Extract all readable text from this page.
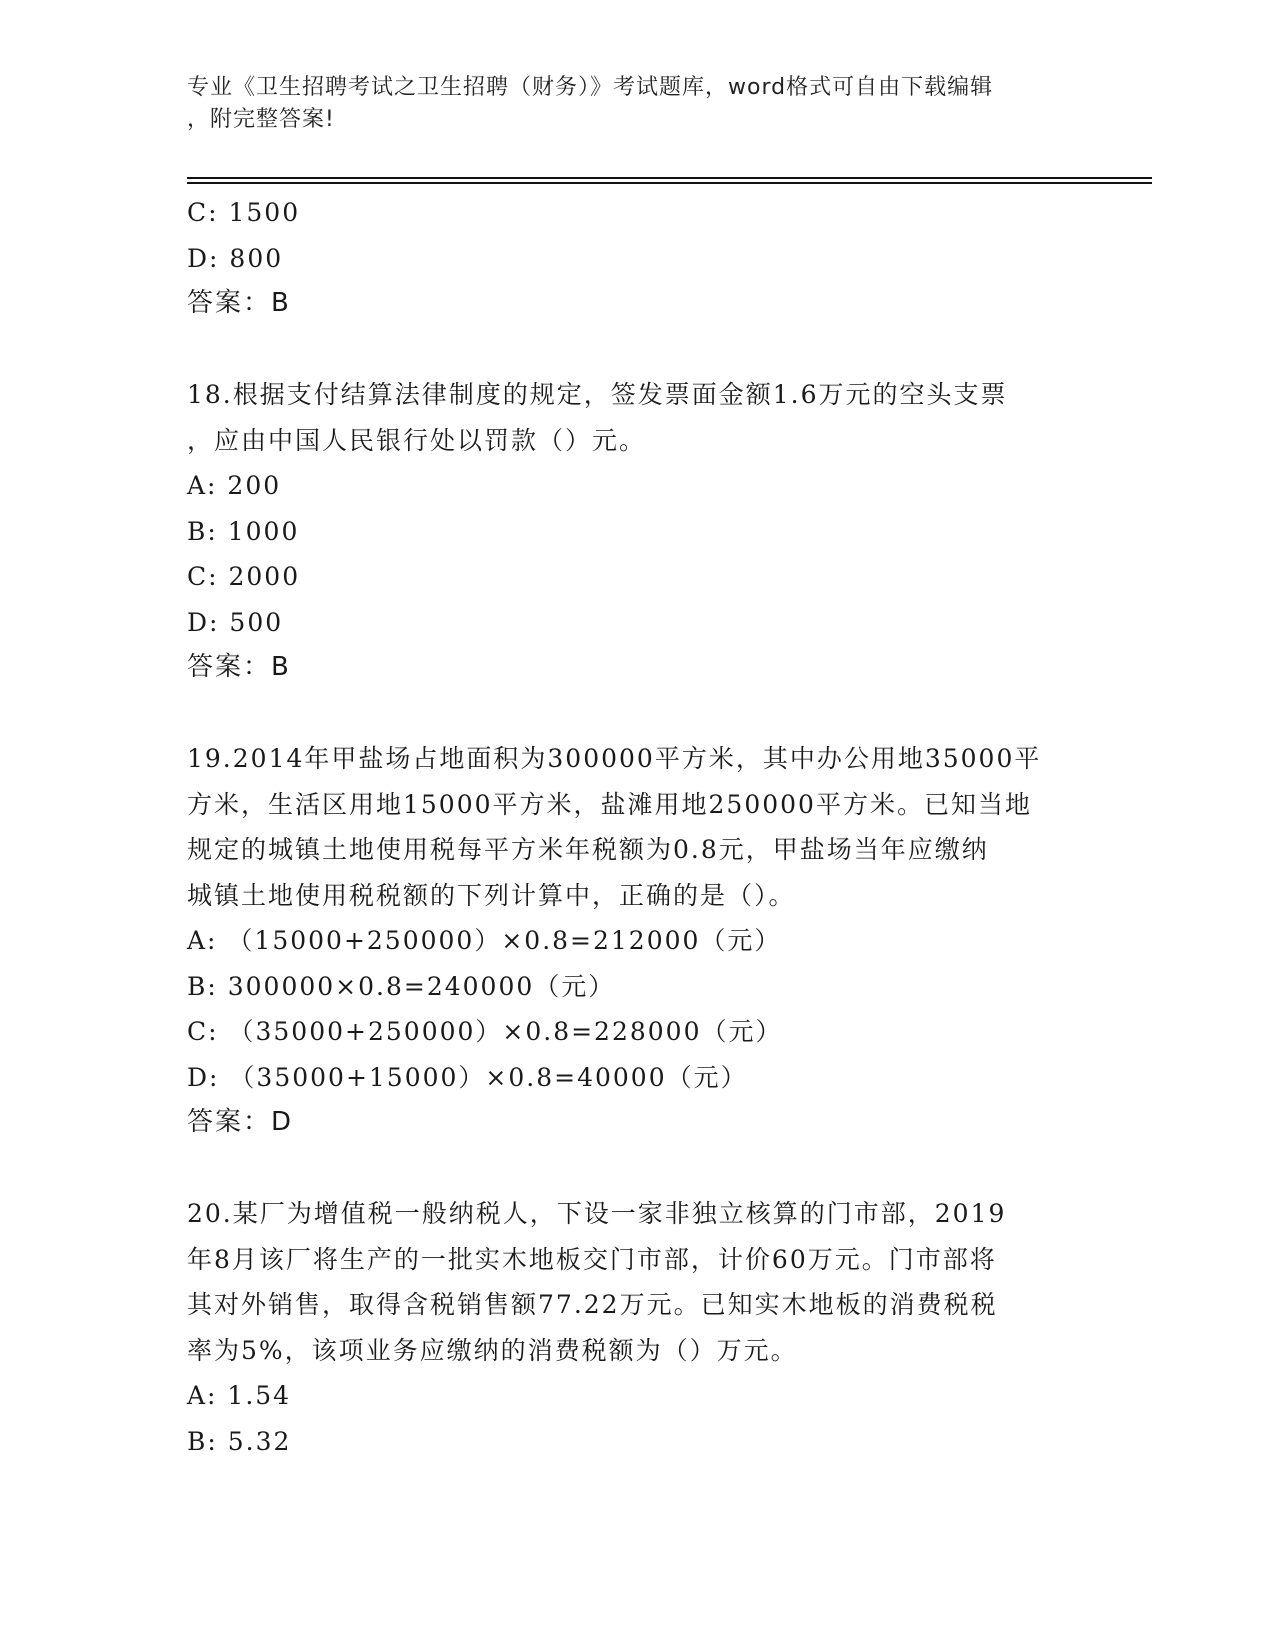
专业《卫生招聘考试之卫生招聘（财务）》考试题库，word格式可自由下载编辑
，附完整答案!
C: 1500
D: 800
答案：B
18.根据支付结算法律制度的规定，签发票面金额1.6万元的空头支票
，应由中国人民银行处以罚款（）元。
A: 200
B: 1000
C: 2000
D: 500
答案：B
19.2014年甲盐场占地面积为300000平方米，其中办公用地35000平
方米，生活区用地15000平方米，盐滩用地250000平方米。已知当地
规定的城镇土地使用税每平方米年税额为0.8元，甲盐场当年应缴纳
城镇土地使用税税额的下列计算中，正确的是（）。
A: （15000+250000）×0.8=212000（元）
B: 300000×0.8=240000（元）
C: （35000+250000）×0.8=228000（元）
D: （35000+15000）×0.8=40000（元）
答案：D
20.某厂为增值税一般纳税人，下设一家非独立核算的门市部，2019
年8月该厂将生产的一批实木地板交门市部，计价60万元。门市部将
其对外销售，取得含税销售额77.22万元。已知实木地板的消费税税
率为5%，该项业务应缴纳的消费税额为（）万元。
A: 1.54
B: 5.32
